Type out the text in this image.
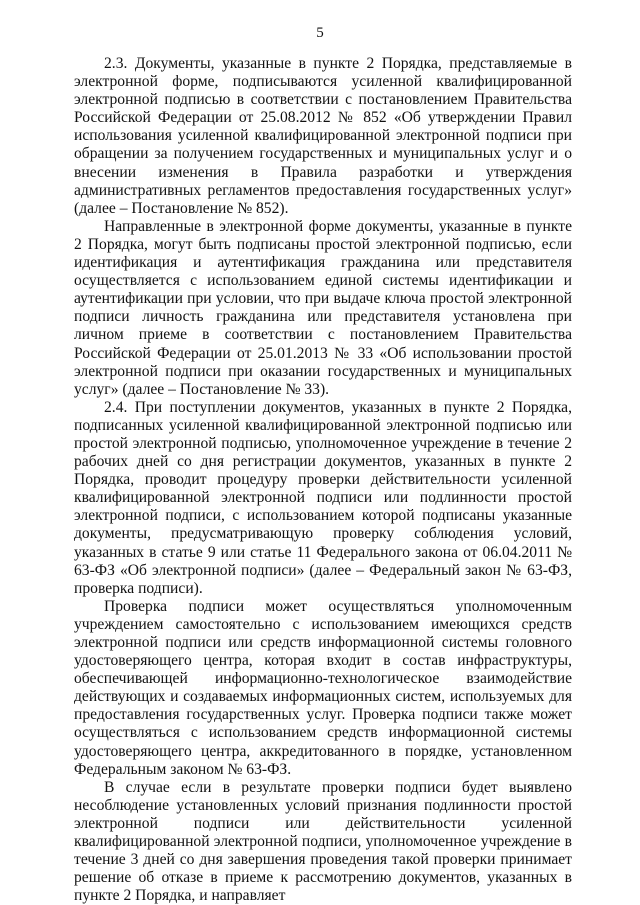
5

2.3. Документы, указанные в пункте 2 Порядка, представляемые в электронной форме, подписываются усиленной квалифицированной электронной подписью в соответствии с постановлением Правительства Российской Федерации от 25.08.2012 № 852 «Об утверждении Правил использования усиленной квалифицированной электронной подписи при обращении за получением государственных и муниципальных услуг и о внесении изменения в Правила разработки и утверждения административных регламентов предоставления государственных услуг» (далее – Постановление № 852).

Направленные в электронной форме документы, указанные в пункте 2 Порядка, могут быть подписаны простой электронной подписью, если идентификация и аутентификация гражданина или представителя осуществляется с использованием единой системы идентификации и аутентификации при условии, что при выдаче ключа простой электронной подписи личность гражданина или представителя установлена при личном приеме в соответствии с постановлением Правительства Российской Федерации от 25.01.2013 № 33 «Об использовании простой электронной подписи при оказании государственных и муниципальных услуг» (далее – Постановление № 33).

2.4. При поступлении документов, указанных в пункте 2 Порядка, подписанных усиленной квалифицированной электронной подписью или простой электронной подписью, уполномоченное учреждение в течение 2 рабочих дней со дня регистрации документов, указанных в пункте 2 Порядка, проводит процедуру проверки действительности усиленной квалифицированной электронной подписи или подлинности простой электронной подписи, с использованием которой подписаны указанные документы, предусматривающую проверку соблюдения условий, указанных в статье 9 или статье 11 Федерального закона от 06.04.2011 № 63-ФЗ «Об электронной подписи» (далее – Федеральный закон № 63-ФЗ, проверка подписи).

Проверка подписи может осуществляться уполномоченным учреждением самостоятельно с использованием имеющихся средств электронной подписи или средств информационной системы головного удостоверяющего центра, которая входит в состав инфраструктуры, обеспечивающей информационно-технологическое взаимодействие действующих и создаваемых информационных систем, используемых для предоставления государственных услуг. Проверка подписи также может осуществляться с использованием средств информационной системы удостоверяющего центра, аккредитованного в порядке, установленном Федеральным законом № 63-ФЗ.

В случае если в результате проверки подписи будет выявлено несоблюдение установленных условий признания подлинности простой электронной подписи или действительности усиленной квалифицированной электронной подписи, уполномоченное учреждение в течение 3 дней со дня завершения проведения такой проверки принимает решение об отказе в приеме к рассмотрению документов, указанных в пункте 2 Порядка, и направляет
